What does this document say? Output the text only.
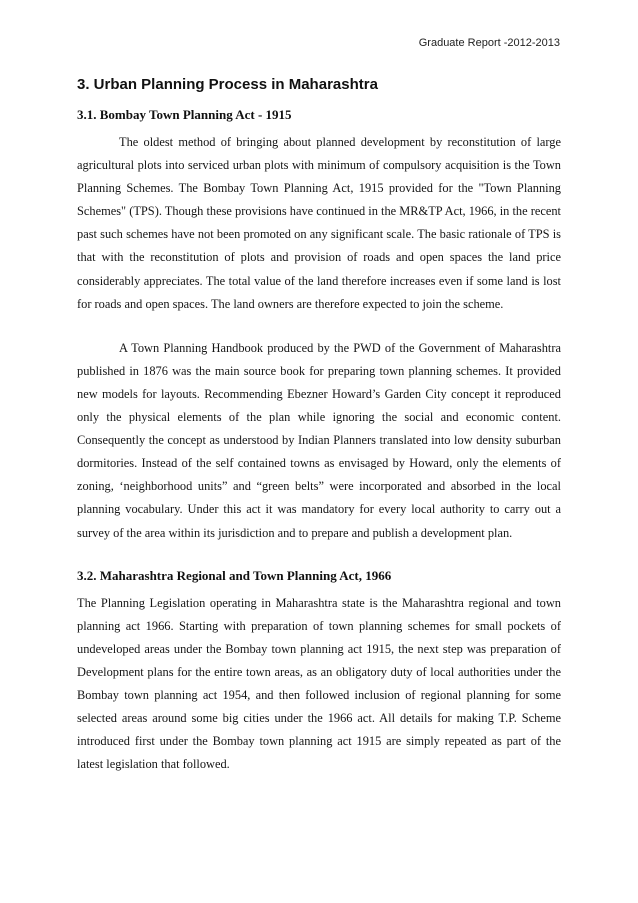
Graduate Report -2012-2013
3. Urban Planning Process in Maharashtra
3.1. Bombay Town Planning Act - 1915

The oldest method of bringing about planned development by reconstitution of large agricultural plots into serviced urban plots with minimum of compulsory acquisition is the Town Planning Schemes. The Bombay Town Planning Act, 1915 provided for the "Town Planning Schemes" (TPS). Though these provisions have continued in the MR&TP Act, 1966, in the recent past such schemes have not been promoted on any significant scale. The basic rationale of TPS is that with the reconstitution of plots and provision of roads and open spaces the land price considerably appreciates. The total value of the land therefore increases even if some land is lost for roads and open spaces. The land owners are therefore expected to join the scheme.

A Town Planning Handbook produced by the PWD of the Government of Maharashtra published in 1876 was the main source book for preparing town planning schemes. It provided new models for layouts. Recommending Ebezner Howard’s Garden City concept it reproduced only the physical elements of the plan while ignoring the social and economic content. Consequently the concept as understood by Indian Planners translated into low density suburban dormitories. Instead of the self contained towns as envisaged by Howard, only the elements of zoning, ‘neighborhood units” and “green belts” were incorporated and absorbed in the local planning vocabulary. Under this act it was mandatory for every local authority to carry out a survey of the area within its jurisdiction and to prepare and publish a development plan.

3.2. Maharashtra Regional and Town Planning Act, 1966

The Planning Legislation operating in Maharashtra state is the Maharashtra regional and town planning act 1966. Starting with preparation of town planning schemes for small pockets of undeveloped areas under the Bombay town planning act 1915, the next step was preparation of Development plans for the entire town areas, as an obligatory duty of local authorities under the Bombay town planning act 1954, and then followed inclusion of regional planning for some selected areas around some big cities under the 1966 act. All details for making T.P. Scheme introduced first under the Bombay town planning act 1915 are simply repeated as part of the latest legislation that followed.
